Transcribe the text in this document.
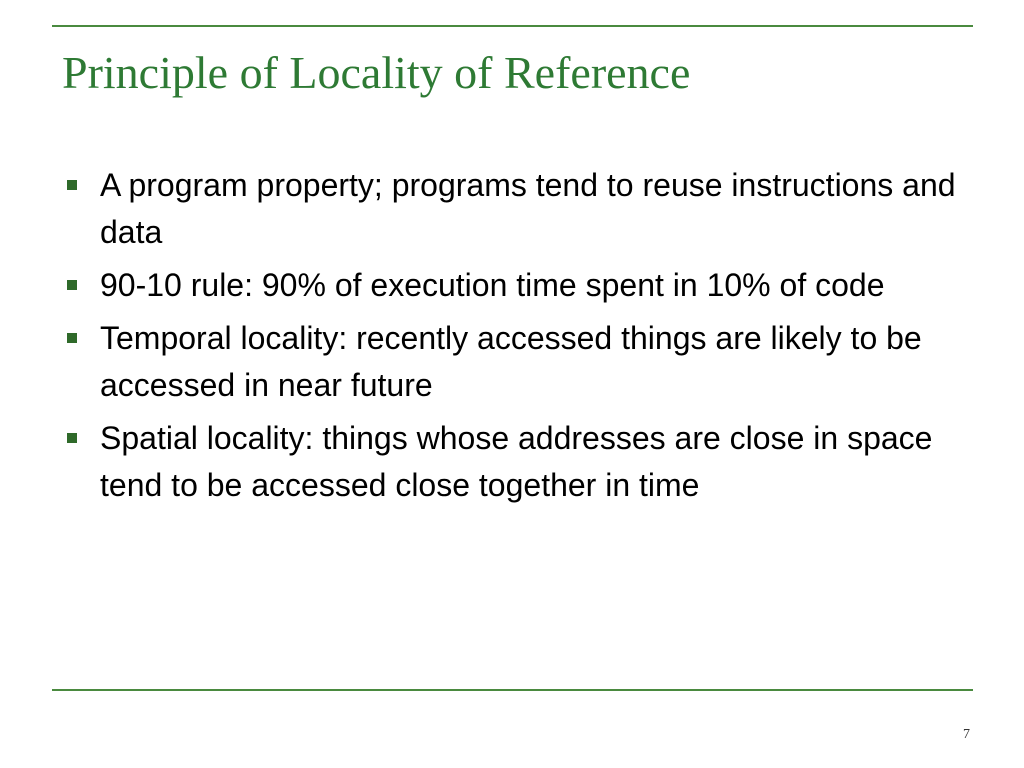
Principle of Locality of Reference
A program property; programs tend to reuse instructions and data
90-10 rule: 90% of execution time spent in 10% of code
Temporal locality: recently accessed things are likely to be accessed in near future
Spatial locality: things whose addresses are close in space tend to be accessed close together in time
7
